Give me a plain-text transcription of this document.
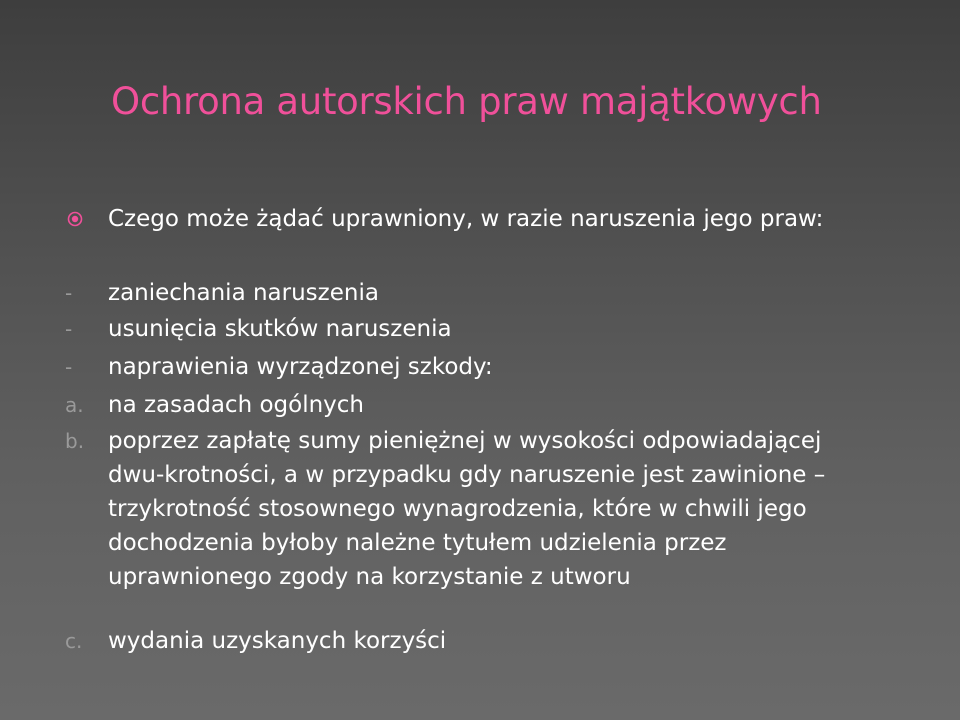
Ochrona autorskich praw majątkowych
Czego może żądać uprawniony, w razie naruszenia jego praw:
- zaniechania naruszenia
- usunięcia skutków naruszenia
- naprawienia wyrządzonej szkody:
a. na zasadach ogólnych
b. poprzez zapłatę sumy pieniężnej w wysokości odpowiadającej dwu-krotności, a w przypadku gdy naruszenie jest zawinione – trzykrotność stosownego wynagrodzenia, które w chwili jego dochodzenia byłoby należne tytułem udzielenia przez uprawnionego zgody na korzystanie z utworu
c. wydania uzyskanych korzyści
